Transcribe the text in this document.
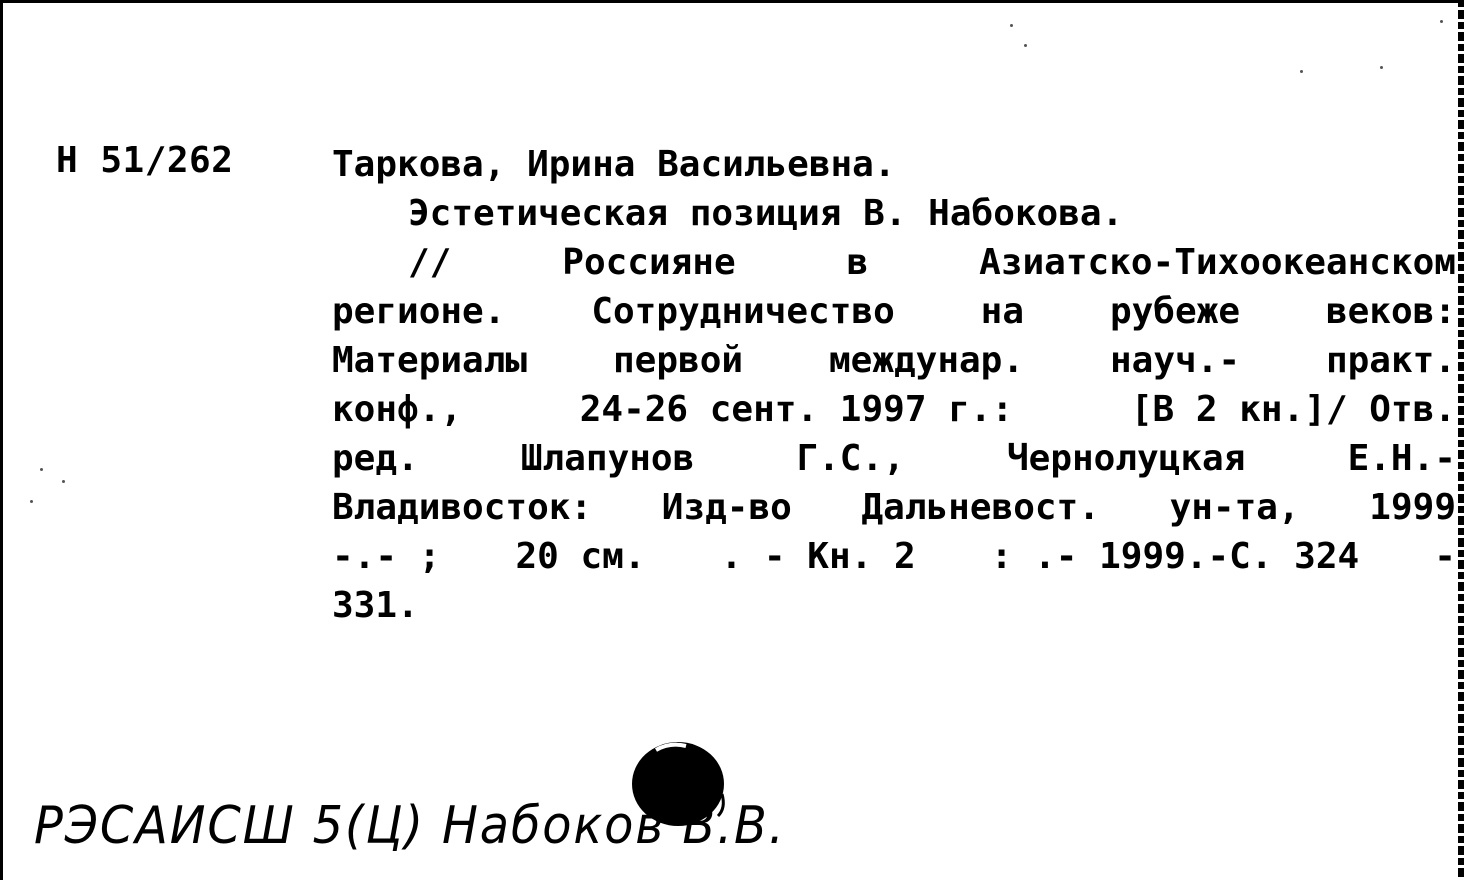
Н 51/262	Таркова, Ирина Васильевна.
Эстетическая позиция В. Набокова.
//	Россияне	в	Азиатско-Тихоокеанском
регионе. Сотрудничество на рубеже веков:
Материалы первой междунар. науч.- практ.
конф.,	24-26 сент. 1997 г.:	[В 2 кн.]/ Отв.
ред.	Шлапунов	Г.С.,	Чернолуцкая	Е.Н.-
Владивосток: Изд-во Дальневост. ун-та, 1999
-.- ; 20 см. . - Кн. 2 : .- 1999.-С. 324 -
331.
РЭСАИСШ 5(Ц) Набоков В.В.
